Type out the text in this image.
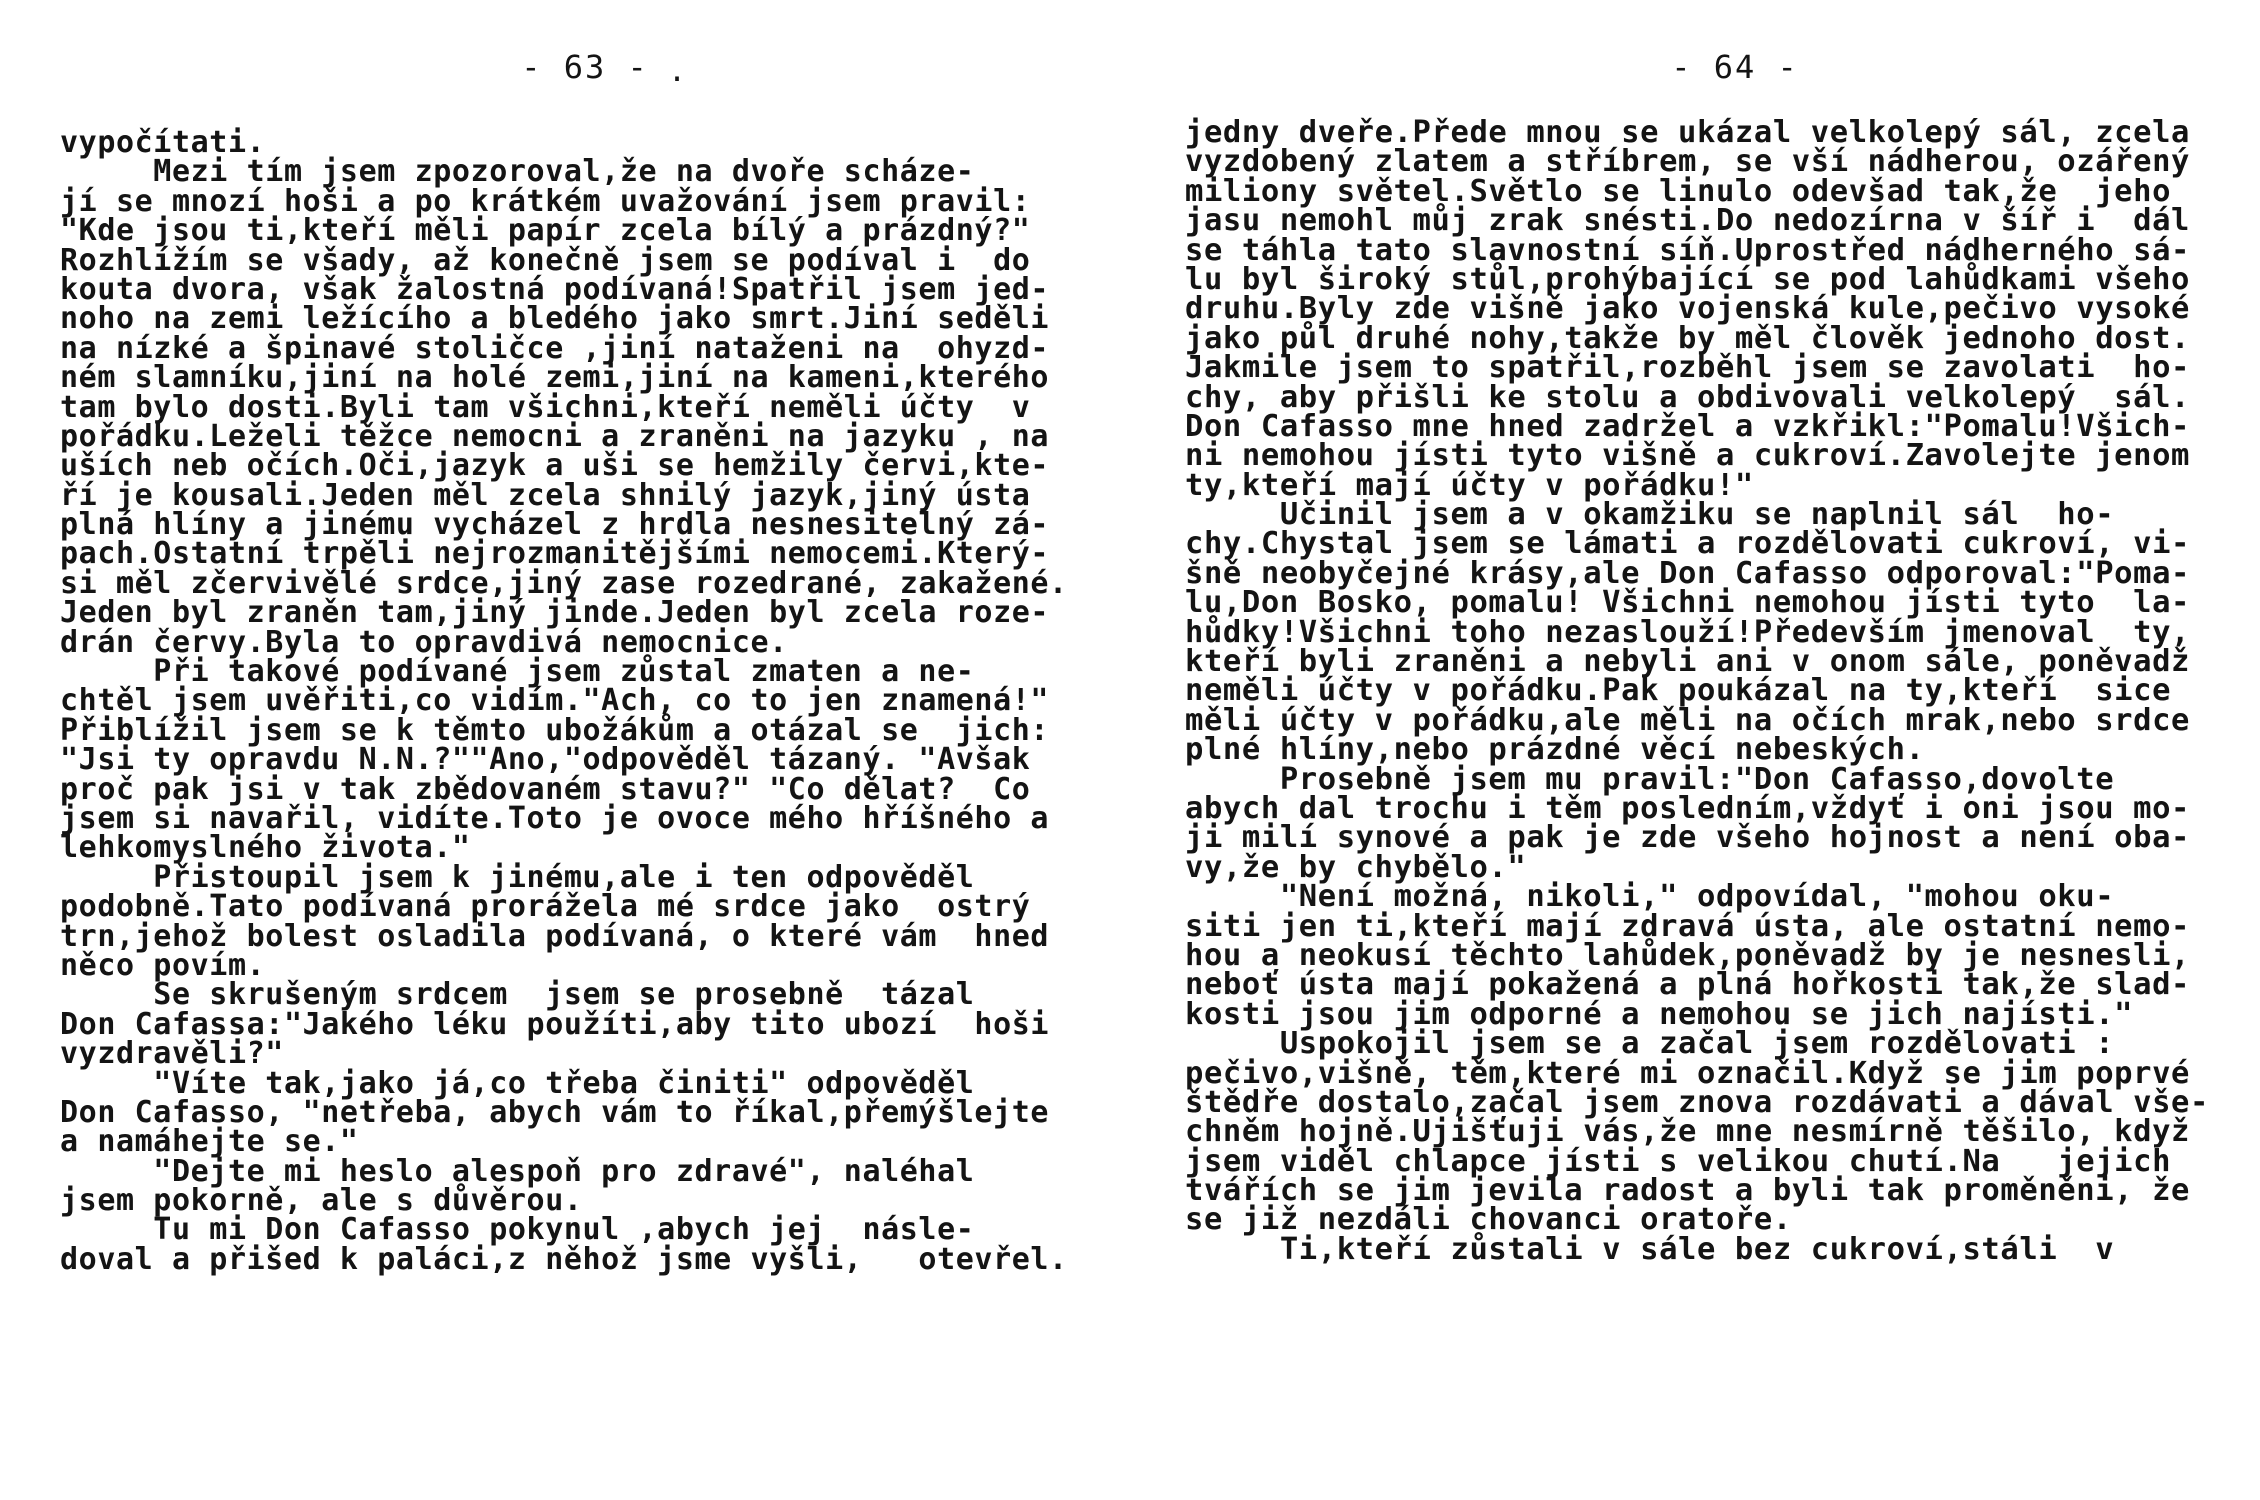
- 63 -
vypočítati.
Mezi tím jsem zpozoroval,že na dvoře scháze-
jí se mnozí hoši a po krátkém uvažování jsem pravil:
"Kde jsou ti,kteří měli papír zcela bílý a prázdný?"
Rozhlížím se všady, až konečně jsem se podíval i  do
kouta dvora, však žalostná podívaná!Spatřil jsem jed-
noho na zemi ležícího a bledého jako smrt.Jiní seděli
na nízké a špinavé stoličce ,jiní nataženi na  ohyzd-
ném slamníku,jiní na holé zemi,jiní na kameni,kterého
tam bylo dosti.Byli tam všichni,kteří neměli účty  v
pořádku.Leželi těžce nemocni a zraněni na jazyku , na
uších neb očích.Oči,jazyk a uši se hemžily červi,kte-
ří je kousali.Jeden měl zcela shnilý jazyk,jiný ústa
plná hlíny a jinému vycházel z hrdla nesnesitelný zá-
pach.Ostatní trpěli nejrozmanitějšími nemocemi.Který-
si měl zčervivělé srdce,jiný zase rozedrané, zakažené.
Jeden byl zraněn tam,jiný jinde.Jeden byl zcela roze-
drán červy.Byla to opravdivá nemocnice.
Při takové podívané jsem zůstal zmaten a ne-
chtěl jsem uvěřiti,co vidím."Ach, co to jen znamená!"
Přiblížil jsem se k těmto ubožákům a otázal se  jich:
"Jsi ty opravdu N.N.?""Ano,"odpověděl tázaný. "Avšak
proč pak jsi v tak zbědovaném stavu?" "Co dělat?  Co
jsem si navařil, vidíte.Toto je ovoce mého hříšného a
lehkomyslného života."
Přistoupil jsem k jinému,ale i ten odpověděl
podobně.Tato podívaná prorážela mé srdce jako  ostrý
trn,jehož bolest osladila podívaná, o které vám  hned
něco povím.
Se skrušeným srdcem  jsem se prosebně  tázal
Don Cafassa:"Jakého léku použíti,aby tito ubozí  hoši
vyzdravěli?"
"Víte tak,jako já,co třeba činiti" odpověděl
Don Cafasso, "netřeba, abych vám to říkal,přemýšlejte
a namáhejte se."
"Dejte mi heslo alespoň pro zdravé", naléhal
jsem pokorně, ale s důvěrou.
Tu mi Don Cafasso pokynul ,abych jej  násle-
doval a přišed k paláci,z něhož jsme vyšli,   otevřel.
.	- 64 -
jedny dveře.Přede mnou se ukázal velkolepý sál, zcela
vyzdobený zlatem a stříbrem, se vší nádherou, ozářený
miliony světel.Světlo se linulo odevšad tak,že  jeho
jasu nemohl můj zrak snésti.Do nedozírna v šíř i  dál
se táhla tato slavnostní síň.Uprostřed nádherného sá-
lu byl široký stůl,prohýbající se pod lahůdkami všeho
druhu.Byly zde višně jako vojenská kule,pečivo vysoké
jako půl druhé nohy,takže by měl člověk jednoho dost.
Jakmile jsem to spatřil,rozběhl jsem se zavolati  ho-
chy, aby přišli ke stolu a obdivovali velkolepý  sál.
Don Cafasso mne hned zadržel a vzkřikl:"Pomalu!Všich-
ni nemohou jísti tyto višně a cukroví.Zavolejte jenom
ty,kteří mají účty v pořádku!"
Učinil jsem a v okamžiku se naplnil sál  ho-
chy.Chystal jsem se lámati a rozdělovati cukroví, vi-
šně neobyčejné krásy,ale Don Cafasso odporoval:"Poma-
lu,Don Bosko, pomalu! Všichni nemohou jísti tyto  la-
hůdky!Všichni toho nezaslouží!Především jmenoval  ty,
kteří byli zraněni a nebyli ani v onom sále, poněvadž
neměli účty v pořádku.Pak poukázal na ty,kteří  sice
měli účty v pořádku,ale měli na očích mrak,nebo srdce
plné hlíny,nebo prázdné věcí nebeských.
Prosebně jsem mu pravil:"Don Cafasso,dovolte
abych dal trochu i těm posledním,vždyť i oni jsou mo-
ji milí synové a pak je zde všeho hojnost a není oba-
vy,že by chybělo."
"Není možná, nikoli," odpovídal, "mohou oku-
siti jen ti,kteří mají zdravá ústa, ale ostatní nemo-
hou a neokusí těchto lahůdek,poněvadž by je nesnesli,
neboť ústa mají pokažená a plná hořkosti tak,že slad-
kosti jsou jim odporné a nemohou se jich najísti."
Uspokojil jsem se a začal jsem rozdělovati :
pečivo,višně, těm,které mi označil.Když se jim poprvé
štědře dostalo,začal jsem znova rozdávati a dával vše-
chněm hojně.Ujišťuji vás,že mne nesmírně těšilo, když
jsem viděl chlapce jísti s velikou chutí.Na   jejich
tvářích se jim jevila radost a byli tak proměněni, že
se již nezdáli chovanci oratoře.
Ti,kteří zůstali v sále bez cukroví,stáli  v
